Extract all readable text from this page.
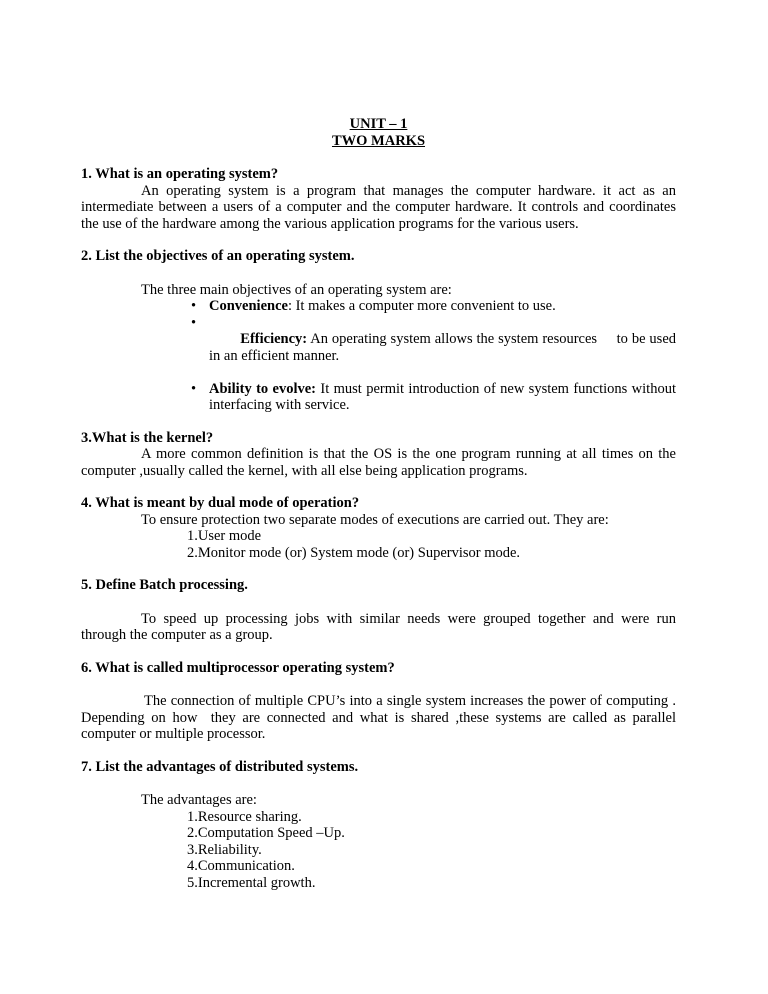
UNIT – 1
TWO MARKS

1. What is an operating system?

An operating system is a program that manages the computer hardware. it act as an intermediate between a users of a computer and the computer hardware. It controls and coordinates the use of the hardware among the various application programs for the various users.

2. List the objectives of an operating system.

The three main objectives of an operating system are:

• Convenience: It makes a computer more convenient to use.

•
Efficiency: An operating system allows the system resources     to be used in an efficient manner.

• Ability to evolve: It must permit introduction of new system functions without interfacing with service.

3.What is the kernel?

A more common definition is that the OS is the one program running at all times on the   computer ,usually called the kernel, with all else being application programs.

4. What is meant by dual mode of operation?

To ensure protection two separate modes of executions are carried out. They are:

1.User mode

2.Monitor mode (or) System mode (or) Supervisor mode.

5. Define Batch processing.

To speed up processing jobs with similar needs were grouped together and were run through the computer as a group.

6. What is called multiprocessor operating system?

The connection of multiple CPU’s into a single system increases the power of computing . Depending on how  they are connected and what is shared ,these systems are called as parallel computer or multiple processor.

7. List the advantages of distributed systems.

The advantages are:

1.Resource sharing.

2.Computation Speed –Up.

3.Reliability.

4.Communication.

5.Incremental growth.
